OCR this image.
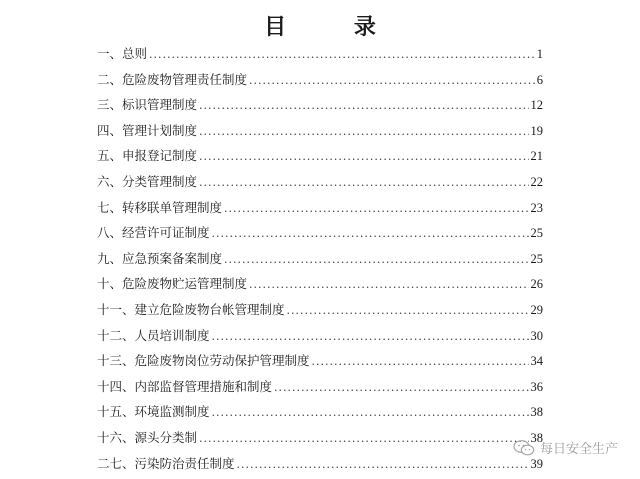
目 录
一、总则 .....	1
二、危险废物管理责任制度 .....	6
三、标识管理制度 .....	12
四、管理计划制度 .....	19
五、申报登记制度 .....	21
六、分类管理制度 .....	22
七、转移联单管理制度 .....	23
八、经营许可证制度 .....	25
九、应急预案备案制度 .....	25
十、危险废物贮运管理制度 .....	26
十一、建立危险废物台帐管理制度 .....	29
十二、人员培训制度 .....	30
十三、危险废物岗位劳动保护管理制度 .....	34
十四、内部监督管理措施和制度 .....	36
十五、环境监测制度 .....	38
十六、源头分类制 .....	38
二七、污染防治责任制度 .....	39
每日安全生产
